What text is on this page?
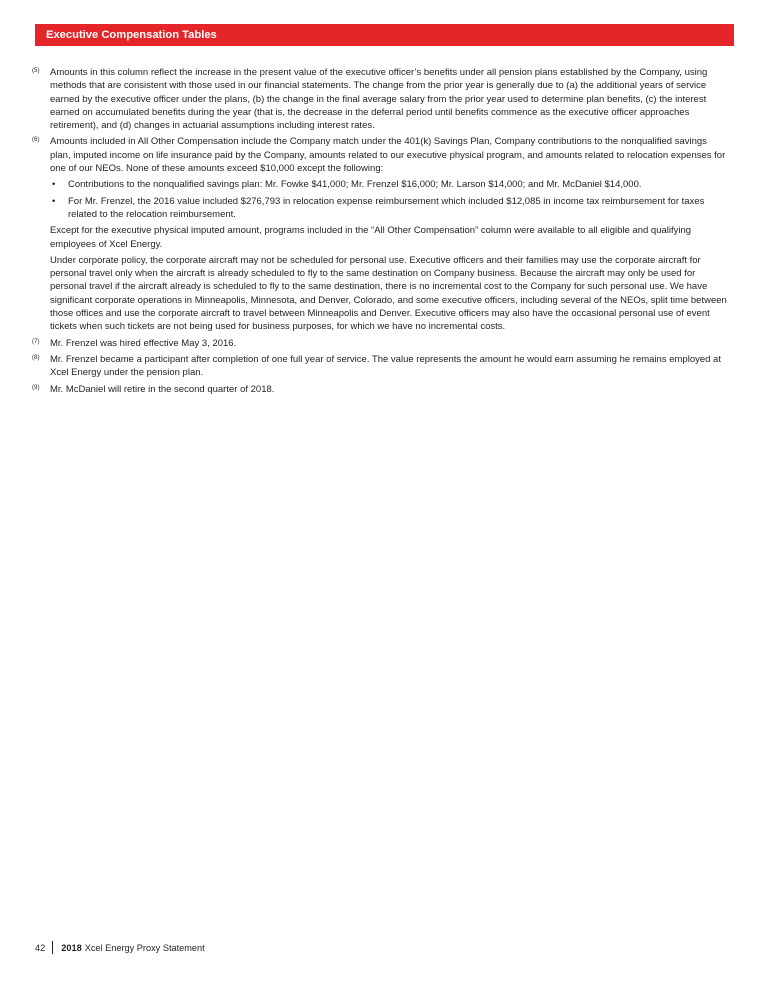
Executive Compensation Tables
(5)	Amounts in this column reflect the increase in the present value of the executive officer’s benefits under all pension plans established by the Company, using methods that are consistent with those used in our financial statements. The change from the prior year is generally due to (a) the additional years of service earned by the executive officer under the plans, (b) the change in the final average salary from the prior year used to determine plan benefits, (c) the interest earned on accumulated benefits during the year (that is, the decrease in the deferral period until benefits commence as the executive officer approaches retirement), and (d) changes in actuarial assumptions including interest rates.

(6)	Amounts included in All Other Compensation include the Company match under the 401(k) Savings Plan, Company contributions to the nonqualified savings plan, imputed income on life insurance paid by the Company, amounts related to our executive physical program, and amounts related to relocation expenses for one of our NEOs. None of these amounts exceed $10,000 except the following:

•	Contributions to the nonqualified savings plan: Mr. Fowke $41,000; Mr. Frenzel $16,000; Mr. Larson $14,000; and Mr. McDaniel $14,000.
•	For Mr. Frenzel, the 2016 value included $276,793 in relocation expense reimbursement which included $12,085 in income tax reimbursement for taxes related to the relocation reimbursement.

Except for the executive physical imputed amount, programs included in the “All Other Compensation” column were available to all eligible and qualifying employees of Xcel Energy.

Under corporate policy, the corporate aircraft may not be scheduled for personal use. Executive officers and their families may use the corporate aircraft for personal travel only when the aircraft is already scheduled to fly to the same destination on Company business. Because the aircraft may only be used for personal travel if the aircraft already is scheduled to fly to the same destination, there is no incremental cost to the Company for such personal use. We have significant corporate operations in Minneapolis, Minnesota, and Denver, Colorado, and some executive officers, including several of the NEOs, split time between those offices and use the corporate aircraft to travel between Minneapolis and Denver. Executive officers may also have the occasional personal use of event tickets when such tickets are not being used for business purposes, for which we have no incremental costs.

(7)	Mr. Frenzel was hired effective May 3, 2016.

(8)	Mr. Frenzel became a participant after completion of one full year of service. The value represents the amount he would earn assuming he remains employed at Xcel Energy under the pension plan.

(9)	Mr. McDaniel will retire in the second quarter of 2018.

42 2018 Xcel Energy Proxy Statement
